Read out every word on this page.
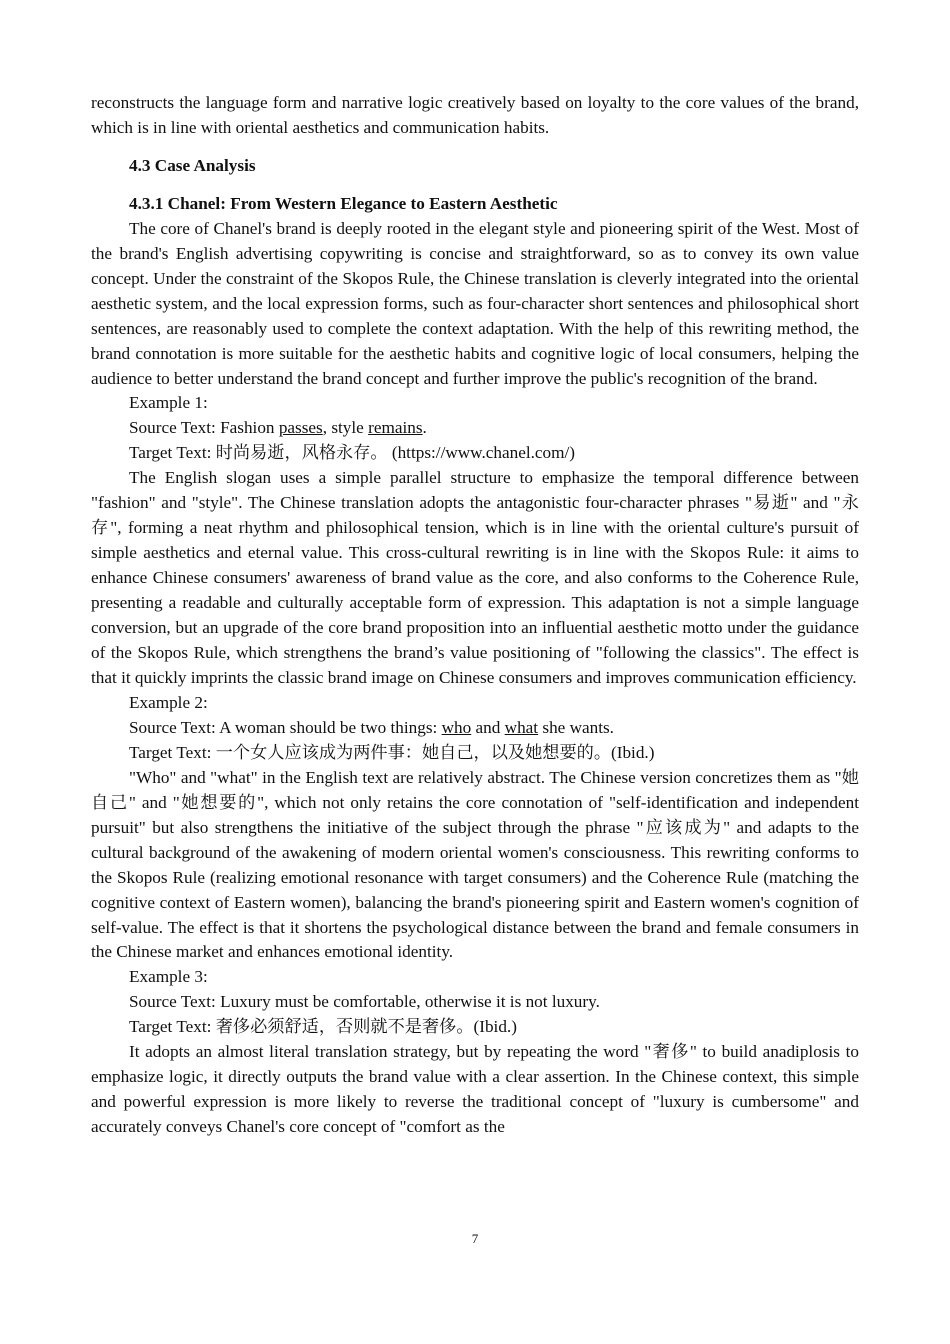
reconstructs the language form and narrative logic creatively based on loyalty to the core values of the brand, which is in line with oriental aesthetics and communication habits.

4.3 Case Analysis

4.3.1 Chanel: From Western Elegance to Eastern Aesthetic

The core of Chanel's brand is deeply rooted in the elegant style and pioneering spirit of the West. Most of the brand's English advertising copywriting is concise and straightforward, so as to convey its own value concept. Under the constraint of the Skopos Rule, the Chinese translation is cleverly integrated into the oriental aesthetic system, and the local expression forms, such as four-character short sentences and philosophical short sentences, are reasonably used to complete the context adaptation. With the help of this rewriting method, the brand connotation is more suitable for the aesthetic habits and cognitive logic of local consumers, helping the audience to better understand the brand concept and further improve the public's recognition of the brand.

Example 1:

Source Text: Fashion passes, style remains.

Target Text: 时尚易逝，风格永存。 (https://www.chanel.com/)

The English slogan uses a simple parallel structure to emphasize the temporal difference between "fashion" and "style". The Chinese translation adopts the antagonistic four-character phrases "易逝" and "永存", forming a neat rhythm and philosophical tension, which is in line with the oriental culture's pursuit of simple aesthetics and eternal value. This cross-cultural rewriting is in line with the Skopos Rule: it aims to enhance Chinese consumers' awareness of brand value as the core, and also conforms to the Coherence Rule, presenting a readable and culturally acceptable form of expression. This adaptation is not a simple language conversion, but an upgrade of the core brand proposition into an influential aesthetic motto under the guidance of the Skopos Rule, which strengthens the brand’s value positioning of "following the classics". The effect is that it quickly imprints the classic brand image on Chinese consumers and improves communication efficiency.

Example 2:

Source Text: A woman should be two things: who and what she wants.

Target Text: 一个女人应该成为两件事：她自己，以及她想要的。(Ibid.)

"Who" and "what" in the English text are relatively abstract. The Chinese version concretizes them as "她自己" and "她想要的", which not only retains the core connotation of "self-identification and independent pursuit" but also strengthens the initiative of the subject through the phrase "应该成为" and adapts to the cultural background of the awakening of modern oriental women's consciousness. This rewriting conforms to the Skopos Rule (realizing emotional resonance with target consumers) and the Coherence Rule (matching the cognitive context of Eastern women), balancing the brand's pioneering spirit and Eastern women's cognition of self-value. The effect is that it shortens the psychological distance between the brand and female consumers in the Chinese market and enhances emotional identity.

Example 3:

Source Text: Luxury must be comfortable, otherwise it is not luxury.

Target Text: 奢侈必须舒适，否则就不是奢侈。(Ibid.)

It adopts an almost literal translation strategy, but by repeating the word "奢侈" to build anadiplosis to emphasize logic, it directly outputs the brand value with a clear assertion. In the Chinese context, this simple and powerful expression is more likely to reverse the traditional concept of "luxury is cumbersome" and accurately conveys Chanel's core concept of "comfort as the

7
